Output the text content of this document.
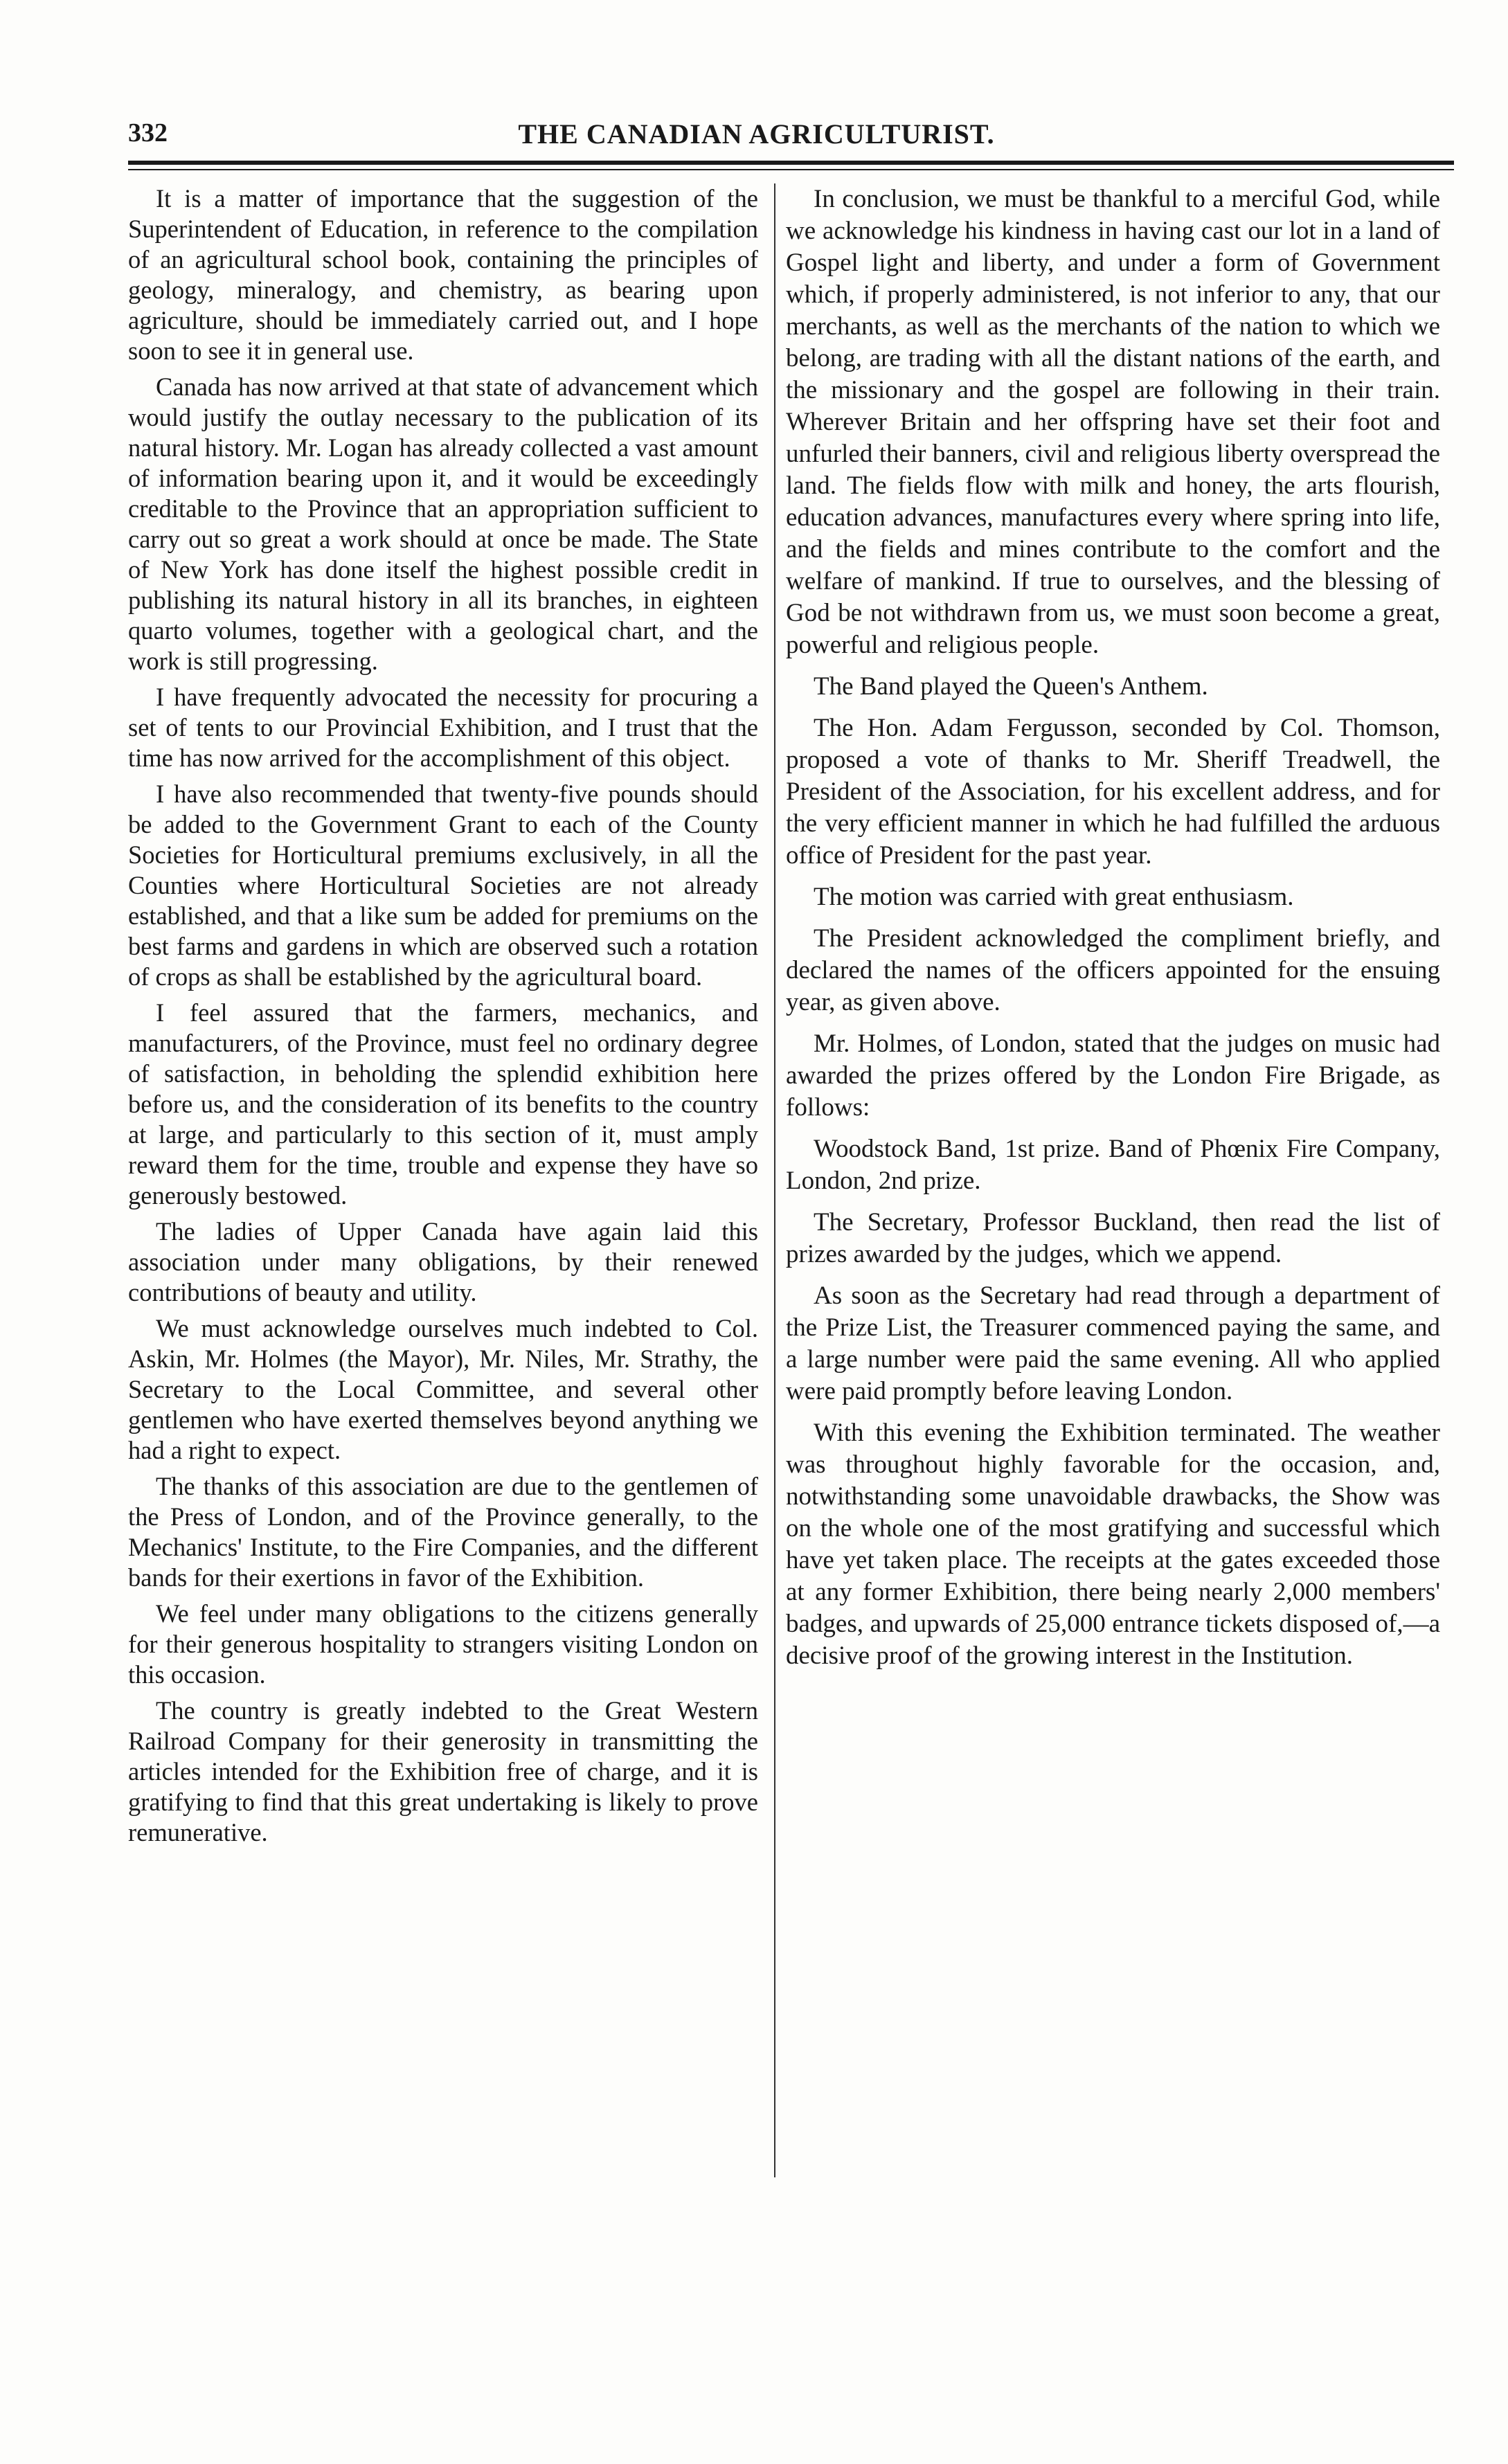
332	THE CANADIAN AGRICULTURIST.

It is a matter of importance that the suggestion of the Superintendent of Education, in reference to the compilation of an agricultural school book, containing the principles of geology, mineralogy, and chemistry, as bearing upon agriculture, should be immediately carried out, and I hope soon to see it in general use.

Canada has now arrived at that state of advancement which would justify the outlay necessary to the publication of its natural history. Mr. Logan has already collected a vast amount of information bearing upon it, and it would be exceedingly creditable to the Province that an appropriation sufficient to carry out so great a work should at once be made. The State of New York has done itself the highest possible credit in publishing its natural history in all its branches, in eighteen quarto volumes, together with a geological chart, and the work is still progressing.

I have frequently advocated the necessity for procuring a set of tents to our Provincial Exhibition, and I trust that the time has now arrived for the accomplishment of this object.

I have also recommended that twenty-five pounds should be added to the Government Grant to each of the County Societies for Horticultural premiums exclusively, in all the Counties where Horticultural Societies are not already established, and that a like sum be added for premiums on the best farms and gardens in which are observed such a rotation of crops as shall be established by the agricultural board.

I feel assured that the farmers, mechanics, and manufacturers, of the Province, must feel no ordinary degree of satisfaction, in beholding the splendid exhibition here before us, and the consideration of its benefits to the country at large, and particularly to this section of it, must amply reward them for the time, trouble and expense they have so generously bestowed.

The ladies of Upper Canada have again laid this association under many obligations, by their renewed contributions of beauty and utility.

We must acknowledge ourselves much indebted to Col. Askin, Mr. Holmes (the Mayor), Mr. Niles, Mr. Strathy, the Secretary to the Local Committee, and several other gentlemen who have exerted themselves beyond anything we had a right to expect.

The thanks of this association are due to the gentlemen of the Press of London, and of the Province generally, to the Mechanics' Institute, to the Fire Companies, and the different bands for their exertions in favor of the Exhibition.

We feel under many obligations to the citizens generally for their generous hospitality to strangers visiting London on this occasion.

The country is greatly indebted to the Great Western Railroad Company for their generosity in transmitting the articles intended for the Exhibition free of charge, and it is gratifying to find that this great undertaking is likely to prove remunerative.

In conclusion, we must be thankful to a merciful God, while we acknowledge his kindness in having cast our lot in a land of Gospel light and liberty, and under a form of Government which, if properly administered, is not inferior to any, that our merchants, as well as the merchants of the nation to which we belong, are trading with all the distant nations of the earth, and the missionary and the gospel are following in their train. Wherever Britain and her offspring have set their foot and unfurled their banners, civil and religious liberty overspread the land. The fields flow with milk and honey, the arts flourish, education advances, manufactures every where spring into life, and the fields and mines contribute to the comfort and the welfare of mankind. If true to ourselves, and the blessing of God be not withdrawn from us, we must soon become a great, powerful and religious people.

The Band played the Queen's Anthem.

The Hon. Adam Fergusson, seconded by Col. Thomson, proposed a vote of thanks to Mr. Sheriff Treadwell, the President of the Association, for his excellent address, and for the very efficient manner in which he had fulfilled the arduous office of President for the past year.

The motion was carried with great enthusiasm.

The President acknowledged the compliment briefly, and declared the names of the officers appointed for the ensuing year, as given above.

Mr. Holmes, of London, stated that the judges on music had awarded the prizes offered by the London Fire Brigade, as follows:

Woodstock Band, 1st prize. Band of Phœnix Fire Company, London, 2nd prize.

The Secretary, Professor Buckland, then read the list of prizes awarded by the judges, which we append.

As soon as the Secretary had read through a department of the Prize List, the Treasurer commenced paying the same, and a large number were paid the same evening. All who applied were paid promptly before leaving London.

With this evening the Exhibition terminated. The weather was throughout highly favorable for the occasion, and, notwithstanding some unavoidable drawbacks, the Show was on the whole one of the most gratifying and successful which have yet taken place. The receipts at the gates exceeded those at any former Exhibition, there being nearly 2,000 members' badges, and upwards of 25,000 entrance tickets disposed of,—a decisive proof of the growing interest in the Institution.
